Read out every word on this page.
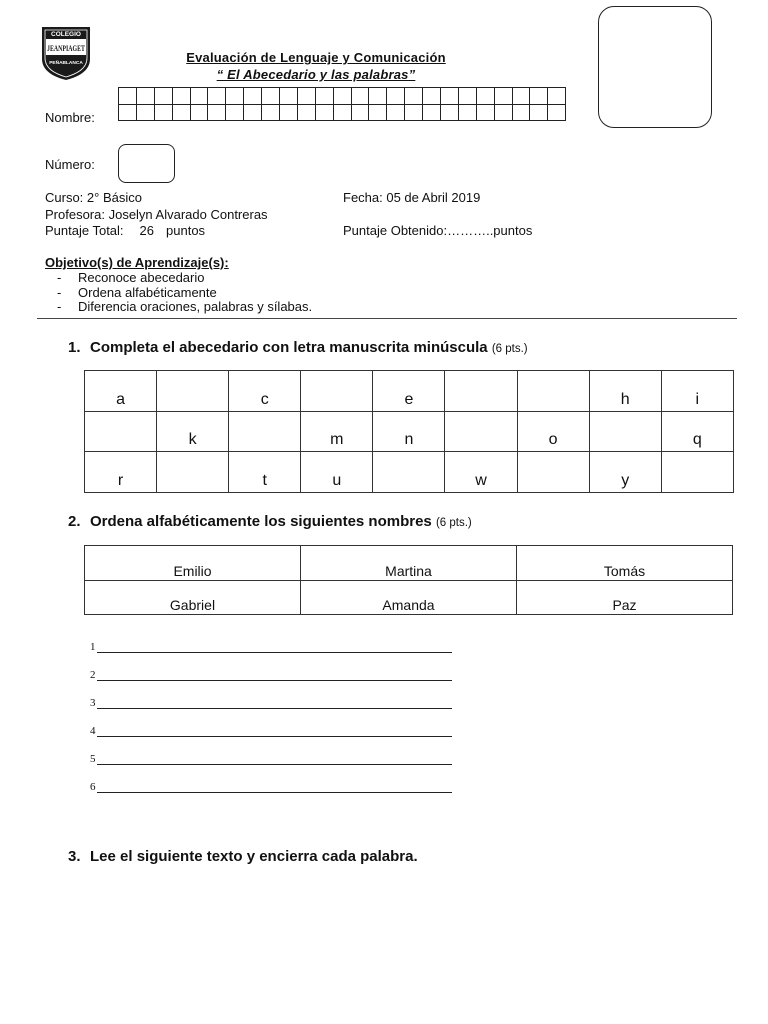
COLEGIO
JEANPIAGET
PEÑABLANCA	Evaluación de Lenguaje y Comunicación
“ El Abecedario y las palabras”
Nombre:

Número:
Curso: 2° Básico	Fecha: 05 de Abril 2019
Profesora: Joselyn Alvarado Contreras
Puntaje Total: 26 puntos	Puntaje Obtenido:………..puntos
Objetivo(s) de Aprendizaje(s):
-	Reconoce abecedario
-	Ordena alfabéticamente
-	Diferencia oraciones, palabras y sílabas.
1. Completa el abecedario con letra manuscrita minúscula (6 pts.)
a		c		e			h	i
	k		m	n		o		q
r		t	u		w		y	
2. Ordena alfabéticamente los siguientes nombres (6 pts.)
Emilio	Martina	Tomás
Gabriel	Amanda	Paz
1
2
3
4
5
6
3. Lee el siguiente texto y encierra cada palabra.
